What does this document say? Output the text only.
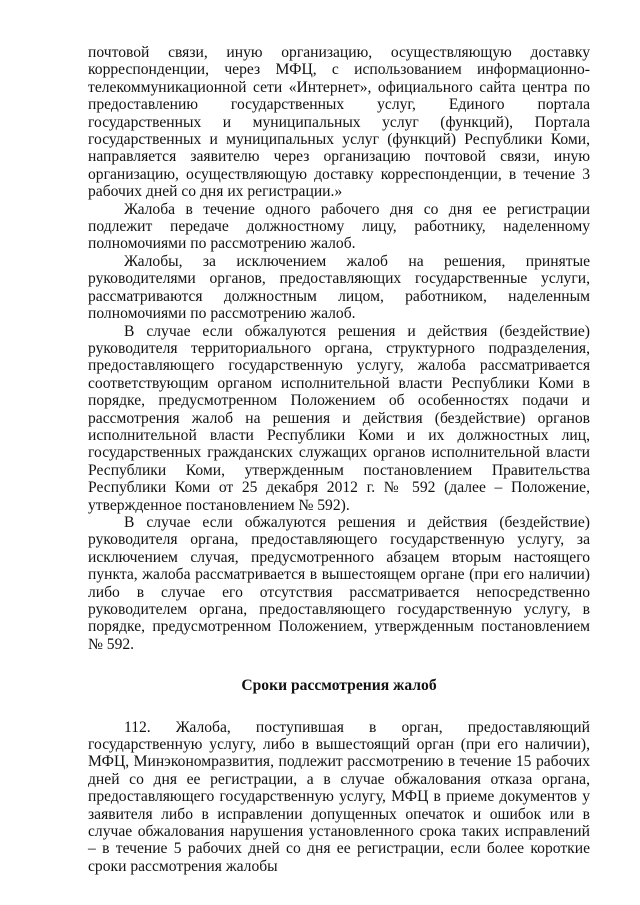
почтовой связи, иную организацию, осуществляющую доставку корреспонденции, через МФЦ, с использованием информационно-телекоммуникационной сети «Интернет», официального сайта центра по предоставлению государственных услуг, Единого портала государственных и муниципальных услуг (функций), Портала государственных и муниципальных услуг (функций) Республики Коми, направляется заявителю через организацию почтовой связи, иную организацию, осуществляющую доставку корреспонденции, в течение 3 рабочих дней со дня их регистрации.»

Жалоба в течение одного рабочего дня со дня ее регистрации подлежит передаче должностному лицу, работнику, наделенному полномочиями по рассмотрению жалоб.

Жалобы, за исключением жалоб на решения, принятые руководителями органов, предоставляющих государственные услуги, рассматриваются должностным лицом, работником, наделенным полномочиями по рассмотрению жалоб.

В случае если обжалуются решения и действия (бездействие) руководителя территориального органа, структурного подразделения, предоставляющего государственную услугу, жалоба рассматривается соответствующим органом исполнительной власти Республики Коми в порядке, предусмотренном Положением об особенностях подачи и рассмотрения жалоб на решения и действия (бездействие) органов исполнительной власти Республики Коми и их должностных лиц, государственных гражданских служащих органов исполнительной власти Республики Коми, утвержденным постановлением Правительства Республики Коми от 25 декабря 2012 г. № 592 (далее – Положение, утвержденное постановлением № 592).

В случае если обжалуются решения и действия (бездействие) руководителя органа, предоставляющего государственную услугу, за исключением случая, предусмотренного абзацем вторым настоящего пункта, жалоба рассматривается в вышестоящем органе (при его наличии) либо в случае его отсутствия рассматривается непосредственно руководителем органа, предоставляющего государственную услугу, в порядке, предусмотренном Положением, утвержденным постановлением № 592.

Сроки рассмотрения жалоб

112. Жалоба, поступившая в орган, предоставляющий государственную услугу, либо в вышестоящий орган (при его наличии), МФЦ, Минэкономразвития, подлежит рассмотрению в течение 15 рабочих дней со дня ее регистрации, а в случае обжалования отказа органа, предоставляющего государственную услугу, МФЦ в приеме документов у заявителя либо в исправлении допущенных опечаток и ошибок или в случае обжалования нарушения установленного срока таких исправлений – в течение 5 рабочих дней со дня ее регистрации, если более короткие сроки рассмотрения жалобы
